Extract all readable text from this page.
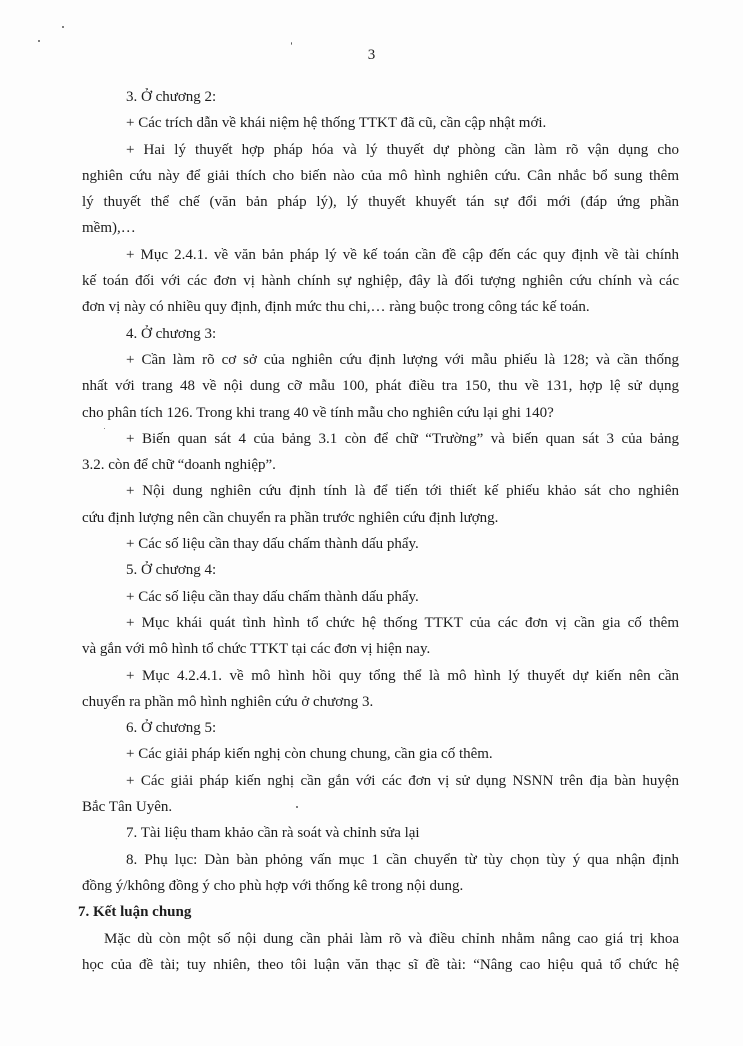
3
3. Ở chương 2:
+ Các trích dẫn về khái niệm hệ thống TTKT đã cũ, cần cập nhật mới.
+ Hai lý thuyết hợp pháp hóa và lý thuyết dự phòng cần làm rõ vận dụng cho
nghiên cứu này để giải thích cho biến nào của mô hình nghiên cứu. Cân nhắc bổ sung thêm
lý thuyết thể chế (văn bản pháp lý), lý thuyết khuyết tán sự đổi mới (đáp ứng phần
mềm),…
+ Mục 2.4.1. về văn bản pháp lý về kế toán cần đề cập đến các quy định về tài chính
kế toán đối với các đơn vị hành chính sự nghiệp, đây là đối tượng nghiên cứu chính và các
đơn vị này có nhiều quy định, định mức thu chi,… ràng buộc trong công tác kế toán.
4. Ở chương 3:
+ Cần làm rõ cơ sở của nghiên cứu định lượng với mẫu phiếu là 128; và cần thống
nhất với trang 48 về nội dung cỡ mẫu 100, phát điều tra 150, thu về 131, hợp lệ sử dụng
cho phân tích 126. Trong khi trang 40 về tính mẫu cho nghiên cứu lại ghi 140?
+ Biến quan sát 4 của bảng 3.1 còn để chữ “Trường” và biến quan sát 3 của bảng
3.2. còn để chữ “doanh nghiệp”.
+ Nội dung nghiên cứu định tính là để tiến tới thiết kế phiếu khảo sát cho nghiên
cứu định lượng nên cần chuyển ra phần trước nghiên cứu định lượng.
+ Các số liệu cần thay dấu chấm thành dấu phẩy.
5. Ở chương 4:
+ Các số liệu cần thay dấu chấm thành dấu phẩy.
+ Mục khái quát tình hình tổ chức hệ thống TTKT của các đơn vị cần gia cố thêm
và gắn với mô hình tổ chức TTKT tại các đơn vị hiện nay.
+ Mục 4.2.4.1. về mô hình hồi quy tổng thể là mô hình lý thuyết dự kiến nên cần
chuyển ra phần mô hình nghiên cứu ở chương 3.
6. Ở chương 5:
+ Các giải pháp kiến nghị còn chung chung, cần gia cố thêm.
+ Các giải pháp kiến nghị cần gắn với các đơn vị sử dụng NSNN trên địa bàn huyện
Bắc Tân Uyên.
7. Tài liệu tham khảo cần rà soát và chỉnh sửa lại
8. Phụ lục: Dàn bàn phỏng vấn mục 1 cần chuyển từ tùy chọn tùy ý qua nhận định
đồng ý/không đồng ý cho phù hợp với thống kê trong nội dung.
7. Kết luận chung
Mặc dù còn một số nội dung cần phải làm rõ và điều chỉnh nhằm nâng cao giá trị khoa
học của đề tài; tuy nhiên, theo tôi luận văn thạc sĩ đề tài: “Nâng cao hiệu quả tổ chức hệ
